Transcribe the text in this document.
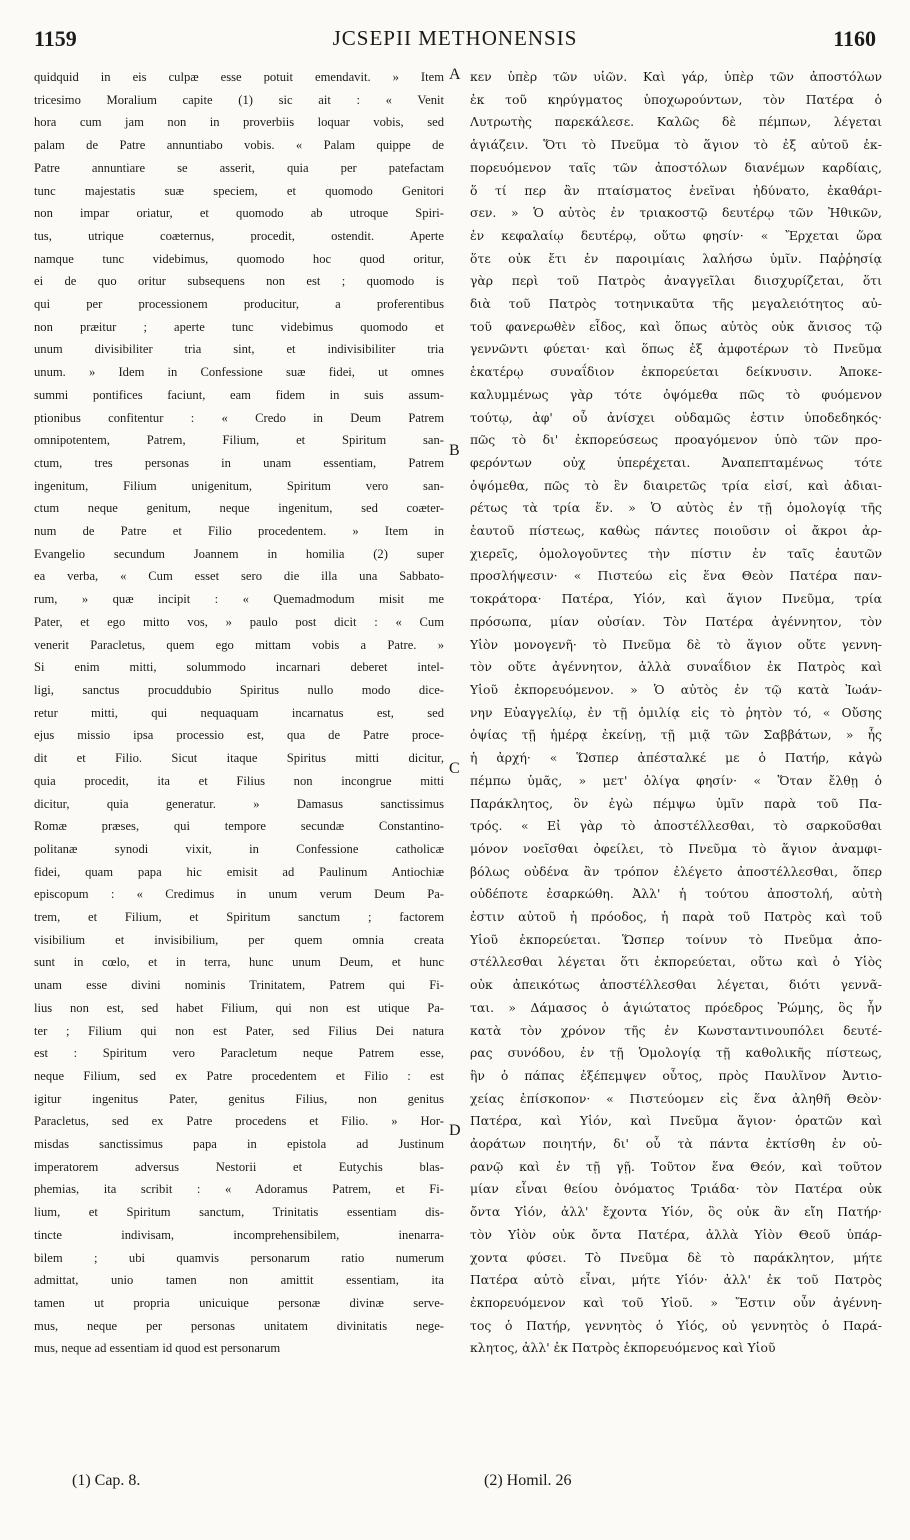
1159	JCSEPII METHONENSIS	1160
quidquid in eis culpæ esse potuit emendavit. » Item
tricesimo Moralium capite (1) sic ait : « Venit
hora cum jam non in proverbiis loquar vobis, sed
palam de Patre annuntiabo vobis. « Palam quippe de
Patre annuntiare se asserit, quia per patefactam
tunc majestatis suæ speciem, et quomodo Genitori
non impar oriatur, et quomodo ab utroque Spiri-
tus, utrique coæternus, procedit, ostendit. Aperte
namque tunc videbimus, quomodo hoc quod oritur,
ei de quo oritur subsequens non est ; quomodo is
qui per processionem producitur, a proferentibus
non præitur ; aperte tunc videbimus quomodo et
unum divisibiliter tria sint, et indivisibiliter tria
unum. » Idem in Confessione suæ fidei, ut omnes
summi pontifices faciunt, eam fidem in suis assum-
ptionibus confitentur : « Credo in Deum Patrem
omnipotentem, Patrem, Filium, et Spiritum san-
ctum, tres personas in unam essentiam, Patrem
ingenitum, Filium unigenitum, Spiritum vero san-
ctum neque genitum, neque ingenitum, sed coæter-
num de Patre et Filio procedentem. » Item in
Evangelio secundum Joannem in homilia (2) super
ea verba, « Cum esset sero die illa una Sabbato-
rum, » quæ incipit : « Quemadmodum misit me
Pater, et ego mitto vos, » paulo post dicit : « Cum
venerit Paracletus, quem ego mittam vobis a Patre. »
Si enim mitti, solummodo incarnari deberet intel-
ligi, sanctus procuddubio Spiritus nullo modo dice-
retur mitti, qui nequaquam incarnatus est, sed
ejus missio ipsa processio est, qua de Patre proce-
dit et Filio. Sicut itaque Spiritus mitti dicitur,
quia procedit, ita et Filius non incongrue mitti
dicitur, quia generatur. » Damasus sanctissimus
Romæ præses, qui tempore secundæ Constantino-
politanæ synodi vixit, in Confessione catholicæ
fidei, quam papa hic emisit ad Paulinum Antiochiæ
episcopum : « Credimus in unum verum Deum Pa-
trem, et Filium, et Spiritum sanctum ; factorem
visibilium et invisibilium, per quem omnia creata
sunt in cœlo, et in terra, hunc unum Deum, et hunc
unam esse divini nominis Trinitatem, Patrem qui Fi-
lius non est, sed habet Filium, qui non est utique Pa-
ter ; Filium qui non est Pater, sed Filius Dei natura
est : Spiritum vero Paracletum neque Patrem esse,
neque Filium, sed ex Patre procedentem et Filio : est
igitur ingenitus Pater, genitus Filius, non genitus
Paracletus, sed ex Patre procedens et Filio. » Hor-
misdas sanctissimus papa in epistola ad Justinum
imperatorem adversus Nestorii et Eutychis blas-
phemias, ita scribit : « Adoramus Patrem, et Fi-
lium, et Spiritum sanctum, Trinitatis essentiam dis-
tincte indivisam, incomprehensibilem, inenarra-
bilem ; ubi quamvis personarum ratio numerum
admittat, unio tamen non amittit essentiam, ita
tamen ut propria unicuique personæ divinæ serve-
mus, neque per personas unitatem divinitatis nege-
mus, neque ad essentiam id quod est personarum
κεν ὑπὲρ τῶν υἱῶν. Καὶ γάρ, ὑπὲρ τῶν ἀποστόλων
ἐκ τοῦ κηρύγματος ὑποχωρούντων, τὸν Πατέρα ὁ
Λυτρωτὴς παρεκάλεσε. Καλῶς δὲ πέμπων, λέγεται
ἁγιάζειν. Ὅτι τὸ Πνεῦμα τὸ ἅγιον τὸ ἐξ αὐτοῦ ἐκ-
πορευόμενον ταῖς τῶν ἀποστόλων διανέμων καρδίαις,
ὅ τί περ ἂν πταίσματος ἐνεῖναι ἠδύνατο, ἐκαθάρι-
σεν. » Ὁ αὐτὸς ἐν τριακοστῷ δευτέρῳ τῶν Ἠθικῶν,
ἐν κεφαλαίῳ δευτέρῳ, οὕτω φησίν· « Ἔρχεται ὥρα
ὅτε οὐκ ἔτι ἐν παροιμίαις λαλήσω ὑμῖν. Παῤῥησίᾳ
γὰρ περὶ τοῦ Πατρὸς ἀναγγεῖλαι διισχυρίζεται, ὅτι
διὰ τοῦ Πατρὸς τοτηνικαῦτα τῆς μεγαλειότητος αὐ-
τοῦ φανερωθὲν εἶδος, καὶ ὅπως αὐτὸς οὐκ ἄνισος τῷ
γεννῶντι φύεται· καὶ ὅπως ἐξ ἀμφοτέρων τὸ Πνεῦμα
ἑκατέρῳ συναΐδιον ἐκπορεύεται δείκνυσιν. Ἀποκε-
καλυμμένως γὰρ τότε ὀψόμεθα πῶς τὸ φυόμενον
τούτῳ, ἀφ' οὗ ἀνίσχει οὐδαμῶς ἐστιν ὑποδεδηκός·
πῶς τὸ δι' ἐκπορεύσεως προαγόμενον ὑπὸ τῶν προ-
φερόντων οὐχ ὑπερέχεται. Ἀναπεπταμένως τότε
ὀψόμεθα, πῶς τὸ ἓν διαιρετῶς τρία εἰσί, καὶ ἀδιαι-
ρέτως τὰ τρία ἕν. » Ὁ αὐτὸς ἐν τῇ ὁμολογίᾳ τῆς
ἑαυτοῦ πίστεως, καθὼς πάντες ποιοῦσιν οἱ ἄκροι ἀρ-
χιερεῖς, ὁμολογοῦντες τὴν πίστιν ἐν ταῖς ἑαυτῶν
προσλήψεσιν· « Πιστεύω εἰς ἕνα Θεὸν Πατέρα παν-
τοκράτορα· Πατέρα, Υἱόν, καὶ ἅγιον Πνεῦμα, τρία
πρόσωπα, μίαν οὐσίαν. Τὸν Πατέρα ἀγέννητον, τὸν
Υἱὸν μονογενῆ· τὸ Πνεῦμα δὲ τὸ ἅγιον οὔτε γεννη-
τὸν οὔτε ἀγέννητον, ἀλλὰ συναΐδιον ἐκ Πατρὸς καὶ
Υἱοῦ ἐκπορευόμενον. » Ὁ αὐτὸς ἐν τῷ κατὰ Ἰωάν-
νην Εὐαγγελίῳ, ἐν τῇ ὁμιλίᾳ εἰς τὸ ῥητὸν τό, « Οὔσης
ὀψίας τῇ ἡμέρᾳ ἐκείνῃ, τῇ μιᾷ τῶν Σαββάτων, » ἧς
ἡ ἀρχή· « Ὥσπερ ἀπέσταλκέ με ὁ Πατήρ, κἀγὼ
πέμπω ὑμᾶς, » μετ' ὀλίγα φησίν· « Ὅταν ἔλθῃ ὁ
Παράκλητος, ὃν ἐγὼ πέμψω ὑμῖν παρὰ τοῦ Πα-
τρός. « Εἰ γὰρ τὸ ἀποστέλλεσθαι, τὸ σαρκοῦσθαι
μόνον νοεῖσθαι ὀφείλει, τὸ Πνεῦμα τὸ ἅγιον ἀναμφι-
βόλως οὐδένα ἂν τρόπον ἐλέγετο ἀποστέλλεσθαι, ὅπερ
οὐδέποτε ἐσαρκώθη. Ἀλλ' ἡ τούτου ἀποστολή, αὐτὴ
ἐστιν αὐτοῦ ἡ πρόοδος, ἡ παρὰ τοῦ Πατρὸς καὶ τοῦ
Υἱοῦ ἐκπορεύεται. Ὥσπερ τοίνυν τὸ Πνεῦμα ἀπο-
στέλλεσθαι λέγεται ὅτι ἐκπορεύεται, οὕτω καὶ ὁ Υἱὸς
οὐκ ἀπεικότως ἀποστέλλεσθαι λέγεται, διότι γεννᾶ-
ται. » Δάμασος ὁ ἁγιώτατος πρόεδρος Ῥώμης, ὃς ἦν
κατὰ τὸν χρόνον τῆς ἐν Κωνσταντινουπόλει δευτέ-
ρας συνόδου, ἐν τῇ Ὁμολογίᾳ τῇ καθολικῆς πίστεως,
ἣν ὁ πάπας ἐξέπεμψεν οὗτος, πρὸς Παυλῖνον Ἀντιο-
χείας ἐπίσκοπον· « Πιστεύομεν εἰς ἕνα ἀληθῆ Θεὸν·
Πατέρα, καὶ Υἱόν, καὶ Πνεῦμα ἅγιον· ὁρατῶν καὶ
ἀοράτων ποιητήν, δι' οὗ τὰ πάντα ἐκτίσθη ἐν οὐ-
ρανῷ καὶ ἐν τῇ γῇ. Τοῦτον ἕνα Θεόν, καὶ τοῦτον
μίαν εἶναι θείου ὀνόματος Τριάδα· τὸν Πατέρα οὐκ
ὄντα Υἱόν, ἀλλ' ἔχοντα Υἱόν, ὃς οὐκ ἂν εἴη Πατήρ·
τὸν Υἱὸν οὐκ ὄντα Πατέρα, ἀλλὰ Υἱὸν Θεοῦ ὑπάρ-
χοντα φύσει. Τὸ Πνεῦμα δὲ τὸ παράκλητον, μήτε
Πατέρα αὐτὸ εἶναι, μήτε Υἱόν· ἀλλ' ἐκ τοῦ Πατρὸς
ἐκπορευόμενον καὶ τοῦ Υἱοῦ. » Ἔστιν οὖν ἀγέννη-
τος ὁ Πατήρ, γεννητὸς ὁ Υἱός, οὐ γεννητὸς ὁ Παρά-
κλητος, ἀλλ' ἐκ Πατρὸς ἐκπορευόμενος καὶ Υἱοῦ
A
B
C
D
(1) Cap. 8.	(2) Homil. 26
